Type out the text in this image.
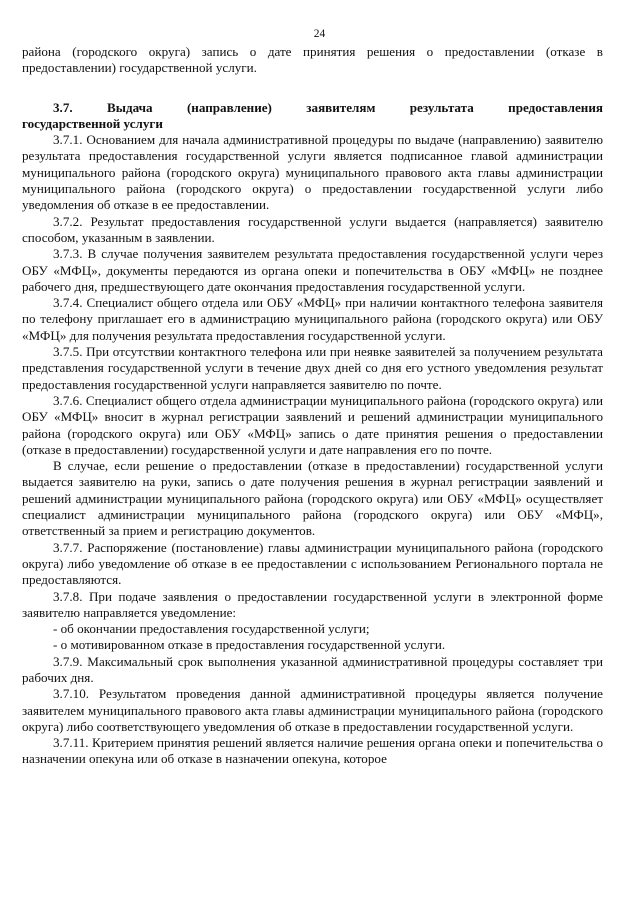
24

района (городского округа) запись о дате принятия решения о предоставлении (отказе в предоставлении) государственной услуги.

3.7.	Выдача	(направление)	заявителям	результата	предоставления
государственной услуги

3.7.1. Основанием для начала административной процедуры по выдаче (направлению) заявителю результата предоставления государственной услуги является подписанное главой администрации муниципального района (городского округа) муниципального правового акта главы администрации муниципального района (городского округа) о предоставлении государственной услуги либо уведомления об отказе в ее предоставлении.

3.7.2. Результат предоставления государственной услуги выдается (направляется) заявителю способом, указанным в заявлении.

3.7.3. В случае получения заявителем результата предоставления государственной услуги через ОБУ «МФЦ», документы передаются из органа опеки и попечительства в ОБУ «МФЦ» не позднее рабочего дня, предшествующего дате окончания предоставления государственной услуги.

3.7.4. Специалист общего отдела или ОБУ «МФЦ» при наличии контактного телефона заявителя по телефону приглашает его в администрацию муниципального района (городского округа) или ОБУ «МФЦ» для получения результата предоставления государственной услуги.

3.7.5. При отсутствии контактного телефона или при неявке заявителей за получением результата представления государственной услуги в течение двух дней со дня его устного уведомления результат предоставления государственной услуги направляется заявителю по почте.

3.7.6. Специалист общего отдела администрации муниципального района (городского округа) или ОБУ «МФЦ» вносит в журнал регистрации заявлений и решений администрации муниципального района (городского округа) или ОБУ «МФЦ» запись о дате принятия решения о предоставлении (отказе в предоставлении) государственной услуги и дате направления его по почте.

В случае, если решение о предоставлении (отказе в предоставлении) государственной услуги выдается заявителю на руки, запись о дате получения решения в журнал регистрации заявлений и решений администрации муниципального района (городского округа) или ОБУ «МФЦ» осуществляет специалист администрации муниципального района (городского округа) или ОБУ «МФЦ», ответственный за прием и регистрацию документов.

3.7.7. Распоряжение (постановление) главы администрации муниципального района (городского округа) либо уведомление об отказе в ее предоставлении с использованием Регионального портала не предоставляются.

3.7.8. При подаче заявления о предоставлении государственной услуги в электронной форме заявителю направляется уведомление:

- об окончании предоставления государственной услуги;

- о мотивированном отказе в предоставления государственной услуги.

3.7.9. Максимальный срок выполнения указанной административной процедуры составляет три рабочих дня.

3.7.10. Результатом проведения данной административной процедуры является получение заявителем муниципального правового акта главы администрации муниципального района (городского округа) либо соответствующего уведомления об отказе в предоставлении государственной услуги.

3.7.11. Критерием принятия решений является наличие решения органа опеки и попечительства о назначении опекуна или об отказе в назначении опекуна, которое
